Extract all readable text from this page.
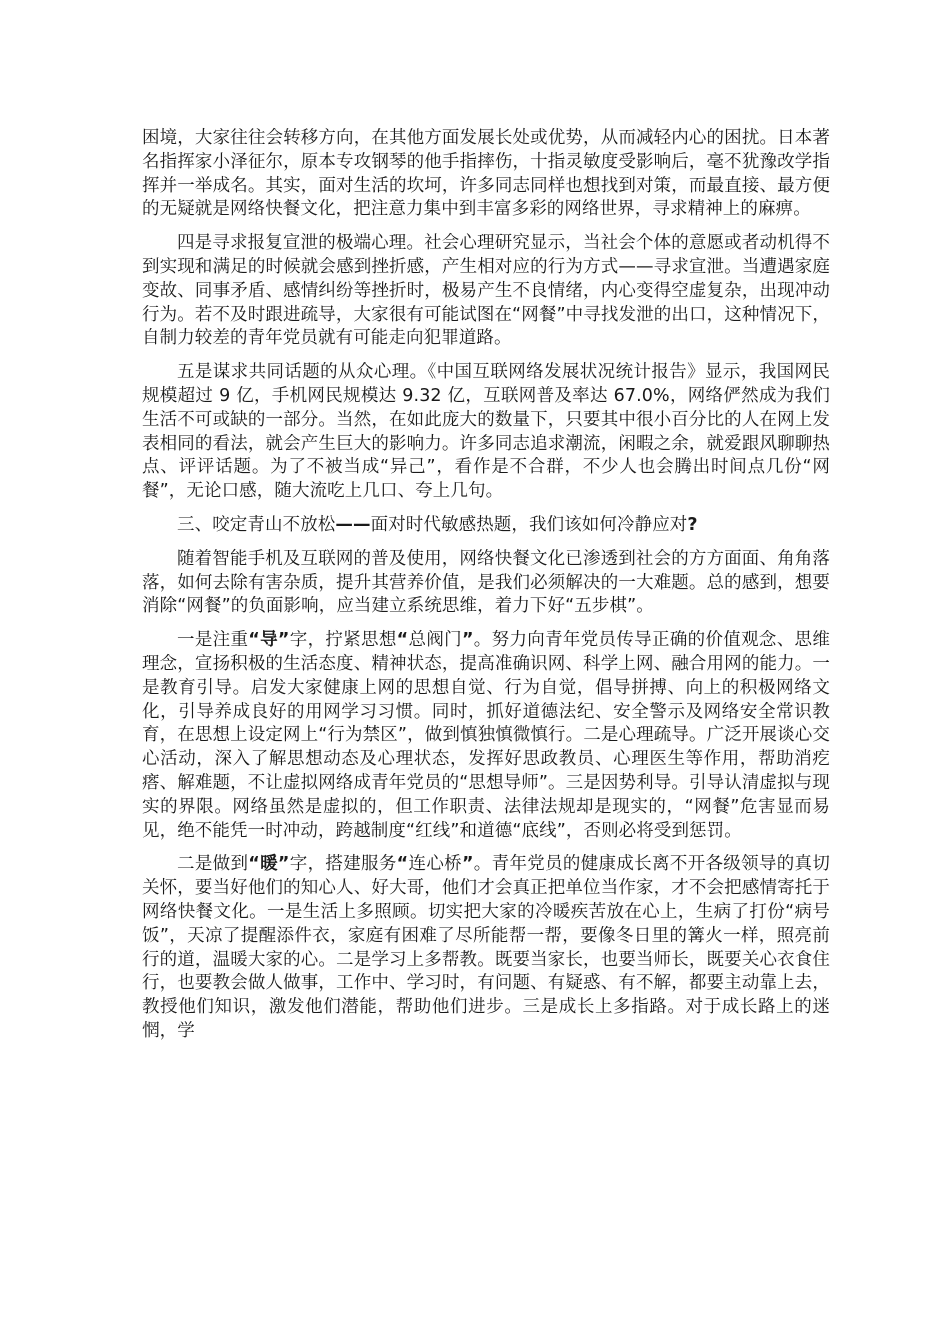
困境，大家往往会转移方向，在其他方面发展长处或优势，从而减轻内心的困扰。日本著名指挥家小泽征尔，原本专攻钢琴的他手指摔伤，十指灵敏度受影响后，毫不犹豫改学指挥并一举成名。其实，面对生活的坎坷，许多同志同样也想找到对策，而最直接、最方便的无疑就是网络快餐文化，把注意力集中到丰富多彩的网络世界，寻求精神上的麻痹。

四是寻求报复宣泄的极端心理。社会心理研究显示，当社会个体的意愿或者动机得不到实现和满足的时候就会感到挫折感，产生相对应的行为方式——寻求宣泄。当遭遇家庭变故、同事矛盾、感情纠纷等挫折时，极易产生不良情绪，内心变得空虚复杂，出现冲动行为。若不及时跟进疏导，大家很有可能试图在“网餐”中寻找发泄的出口，这种情况下，自制力较差的青年党员就有可能走向犯罪道路。

五是谋求共同话题的从众心理。《中国互联网络发展状况统计报告》显示，我国网民规模超过 9 亿，手机网民规模达 9.32 亿，互联网普及率达 67.0%，网络俨然成为我们生活不可或缺的一部分。当然，在如此庞大的数量下，只要其中很小百分比的人在网上发表相同的看法，就会产生巨大的影响力。许多同志追求潮流，闲暇之余，就爱跟风聊聊热点、评评话题。为了不被当成“异己”，看作是不合群，不少人也会腾出时间点几份“网餐”，无论口感，随大流吃上几口、夸上几句。

三、咬定青山不放松——面对时代敏感热题，我们该如何冷静应对?

随着智能手机及互联网的普及使用，网络快餐文化已渗透到社会的方方面面、角角落落，如何去除有害杂质，提升其营养价值，是我们必须解决的一大难题。总的感到，想要消除“网餐”的负面影响，应当建立系统思维，着力下好“五步棋”。

一是注重“导”字，拧紧思想“总阀门”。努力向青年党员传导正确的价值观念、思维理念，宣扬积极的生活态度、精神状态，提高准确识网、科学上网、融合用网的能力。一是教育引导。启发大家健康上网的思想自觉、行为自觉，倡导拼搏、向上的积极网络文化，引导养成良好的用网学习习惯。同时，抓好道德法纪、安全警示及网络安全常识教育，在思想上设定网上“行为禁区”，做到慎独慎微慎行。二是心理疏导。广泛开展谈心交心活动，深入了解思想动态及心理状态，发挥好思政教员、心理医生等作用，帮助消疙瘩、解难题，不让虚拟网络成青年党员的“思想导师”。三是因势利导。引导认清虚拟与现实的界限。网络虽然是虚拟的，但工作职责、法律法规却是现实的，“网餐”危害显而易见，绝不能凭一时冲动，跨越制度“红线”和道德“底线”，否则必将受到惩罚。

二是做到“暖”字，搭建服务“连心桥”。青年党员的健康成长离不开各级领导的真切关怀，要当好他们的知心人、好大哥，他们才会真正把单位当作家，才不会把感情寄托于网络快餐文化。一是生活上多照顾。切实把大家的冷暖疾苦放在心上，生病了打份“病号饭”，天凉了提醒添件衣，家庭有困难了尽所能帮一帮，要像冬日里的篝火一样，照亮前行的道，温暖大家的心。二是学习上多帮教。既要当家长，也要当师长，既要关心衣食住行，也要教会做人做事，工作中、学习时，有问题、有疑惑、有不解，都要主动靠上去，教授他们知识，激发他们潜能，帮助他们进步。三是成长上多指路。对于成长路上的迷惘，学
